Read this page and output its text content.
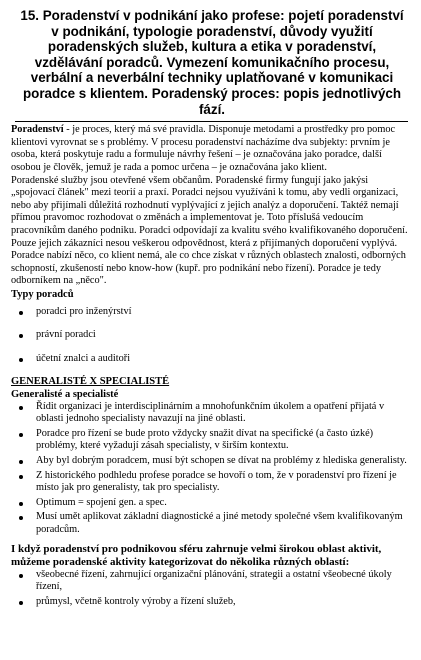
15. Poradenství v podnikání jako profese: pojetí poradenství v podnikání, typologie poradenství, důvody využití poradenských služeb, kultura a etika v poradenství, vzdělávání poradců. Vymezení komunikačního procesu, verbální a neverbální techniky uplatňované v komunikaci poradce s klientem. Poradenský proces: popis jednotlivých fází.

Poradenství - je proces, který má své pravidla. Disponuje metodami a prostředky pro pomoc klientovi vyrovnat se s problémy. V procesu poradenství nacházíme dva subjekty: prvním je osoba, která poskytuje radu a formuluje návrhy řešení – je označována jako poradce, další osobou je člověk, jemuž je rada a pomoc určena – je označována jako klient.

Poradenské služby jsou otevřené všem občanům. Poradenské firmy fungují jako jakýsi „spojovací článek" mezi teorií a praxí. Poradci nejsou využíváni k tomu, aby vedli organizaci, nebo aby přijímali důležitá rozhodnutí vyplývající z jejich analýz a doporučení. Taktéž nemají přímou pravomoc rozhodovat o změnách a implementovat je. Toto příslušá vedoucím pracovníkům daného podniku. Poradci odpovídají za kvalitu svého kvalifikovaného doporučení. Pouze jejich zákazníci nesou veškerou odpovědnost, která z přijímaných doporučení vyplývá.

Poradce nabízí něco, co klient nemá, ale co chce získat v různých oblastech znalosti, odborných schopností, zkušeností nebo know-how (kupř. pro podnikání nebo řízení). Poradce je tedy odborníkem na „něco".

Typy poradců
poradci pro inženýrství
právní poradci
účetní znalci a auditoři
GENERALISTÉ X SPECIALISTÉ
Generalisté a specialisté
Řídit organizaci je interdisciplinárním a mnohofunkčním úkolem a opatření přijatá v oblasti jednoho specialisty navazují na jiné oblasti.
Poradce pro řízení se bude proto vždycky snažit dívat na specifické (a často úzké) problémy, které vyžadují zásah specialisty, v širším kontextu.
Aby byl dobrým poradcem, musí být schopen se dívat na problémy z hlediska generalisty.
Z historického podhledu profese poradce se hovoří o tom, že v poradenství pro řízení je místo jak pro generalisty, tak pro specialisty.
Optimum = spojení gen. a spec.
Musí umět aplikovat základní diagnostické a jiné metody společné všem kvalifikovaným poradcům.
I když poradenství pro podnikovou sféru zahrnuje velmi širokou oblast aktivit, můžeme poradenské aktivity kategorizovat do několika různých oblastí:
všeobecné řízení, zahrnující organizační plánování, strategii a ostatní všeobecné úkoly řízení,
průmysl, včetně kontroly výroby a řízení služeb,
